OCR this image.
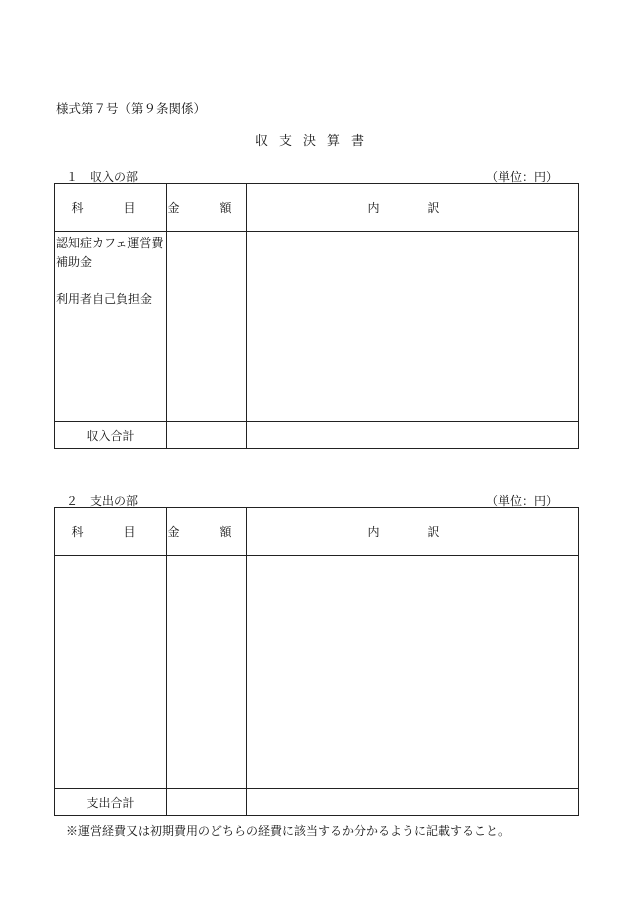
様式第７号（第９条関係）
収支決算書
１　収入の部	（単位：円）
科　目	金　額	内　訳

認知症カフェ運営費
補助金
利用者自己負担金		

収入合計		
２　支出の部	（単位：円）
科　目	金　額	内　訳

支出合計		
※運営経費又は初期費用のどちらの経費に該当するか分かるように記載すること。
